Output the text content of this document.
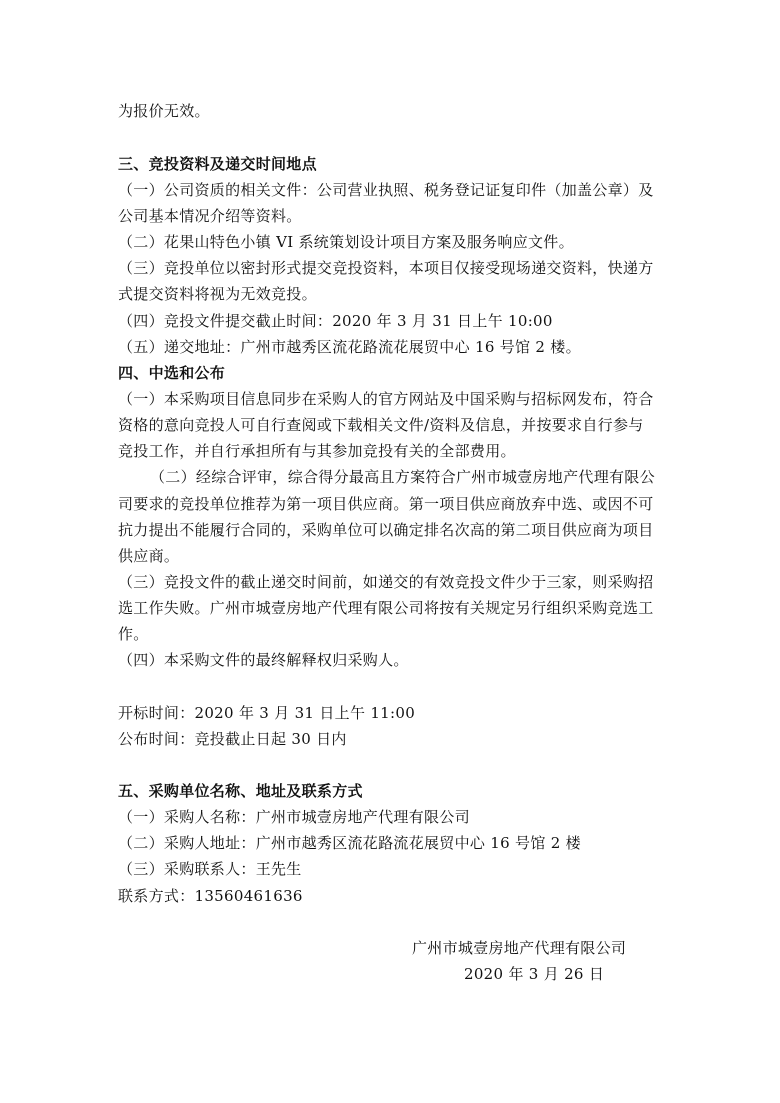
为报价无效。
三、竞投资料及递交时间地点
（一）公司资质的相关文件：公司营业执照、税务登记证复印件（加盖公章）及
公司基本情况介绍等资料。
（二）花果山特色小镇 VI 系统策划设计项目方案及服务响应文件。
（三）竞投单位以密封形式提交竞投资料，本项目仅接受现场递交资料，快递方
式提交资料将视为无效竞投。
（四）竞投文件提交截止时间：2020 年 3 月 31 日上午 10:00
（五）递交地址：广州市越秀区流花路流花展贸中心 16 号馆 2 楼。
四、中选和公布
（一）本采购项目信息同步在采购人的官方网站及中国采购与招标网发布，符合
资格的意向竞投人可自行查阅或下载相关文件/资料及信息，并按要求自行参与
竞投工作，并自行承担所有与其参加竞投有关的全部费用。
（二）经综合评审，综合得分最高且方案符合广州市城壹房地产代理有限公
司要求的竞投单位推荐为第一项目供应商。第一项目供应商放弃中选、或因不可
抗力提出不能履行合同的，采购单位可以确定排名次高的第二项目供应商为项目
供应商。
（三）竞投文件的截止递交时间前，如递交的有效竞投文件少于三家，则采购招
选工作失败。广州市城壹房地产代理有限公司将按有关规定另行组织采购竞选工
作。
（四）本采购文件的最终解释权归采购人。
开标时间：2020 年 3 月 31 日上午 11:00
公布时间：竞投截止日起 30 日内
五、采购单位名称、地址及联系方式
（一）采购人名称：广州市城壹房地产代理有限公司
（二）采购人地址：广州市越秀区流花路流花展贸中心 16 号馆 2 楼
（三）采购联系人：王先生
联系方式：13560461636
广州市城壹房地产代理有限公司
2020 年 3 月 26 日
